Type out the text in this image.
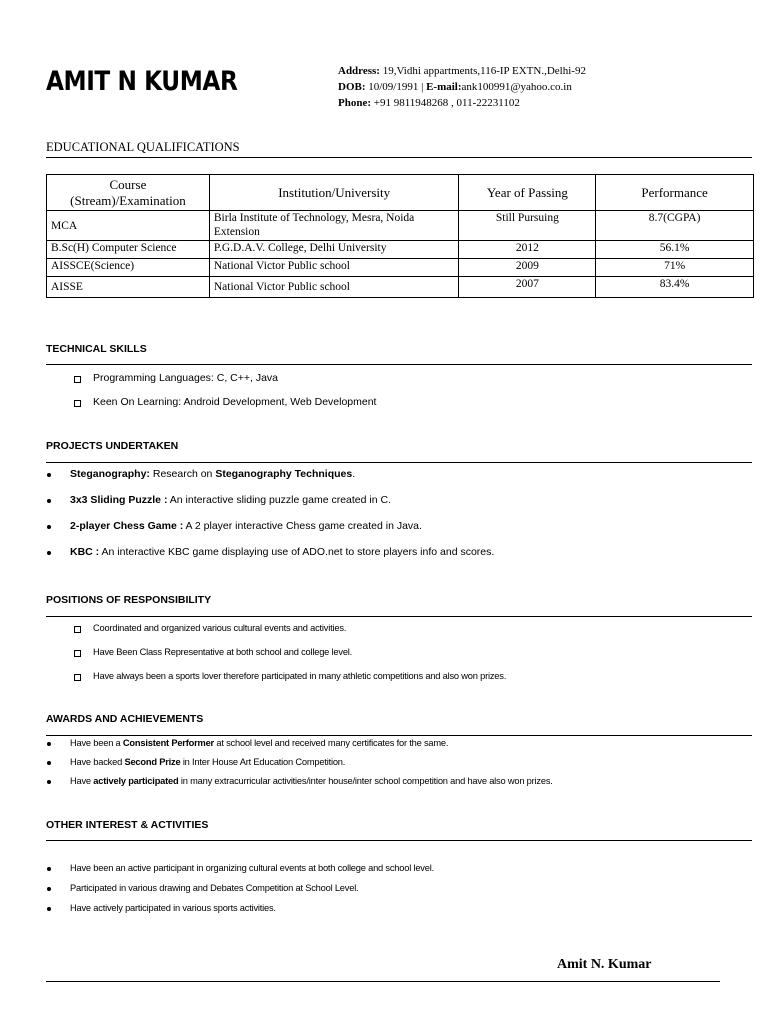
AMIT N KUMAR	Address: 19,Vidhi appartments,116-IP EXTN.,Delhi-92
DOB: 10/09/1991 | E-mail:ank100991@yahoo.co.in
Phone: +91 9811948268 , 011-22231102
EDUCATIONAL QUALIFICATIONS
Course
(Stream)/Examination	Institution/University	Year of Passing	Performance
MCA	Birla Institute of Technology, Mesra, Noida Extension	Still Pursuing	8.7(CGPA)
B.Sc(H) Computer Science	P.G.D.A.V. College, Delhi University	2012	56.1%
AISSCE(Science)	National Victor Public school	2009	71%
AISSE	National Victor Public school	2007	83.4%
TECHNICAL SKILLS
Programming Languages: C, C++, Java
Keen On Learning: Android Development, Web Development
PROJECTS UNDERTAKEN
Steganography: Research on Steganography Techniques.
3x3 Sliding Puzzle : An interactive sliding puzzle game created in C.
2-player Chess Game : A 2 player interactive Chess game created in Java.
KBC : An interactive KBC game displaying use of ADO.net to store players info and scores.
POSITIONS OF RESPONSIBILITY
Coordinated and organized various cultural events and activities.
Have Been Class Representative at both school and college level.
Have always been a sports lover therefore participated in many athletic competitions and also won prizes.
AWARDS AND ACHIEVEMENTS
Have been a Consistent Performer at school level and received many certificates for the same.
Have backed Second Prize in Inter House Art Education Competition.
Have actively participated in many extracurricular activities/inter house/inter school competition and have also won prizes.
OTHER INTEREST & ACTIVITIES
Have been an active participant in organizing cultural events at both college and school level.
Participated in various drawing and Debates Competition at School Level.
Have actively participated in various sports activities.
Amit N. Kumar
